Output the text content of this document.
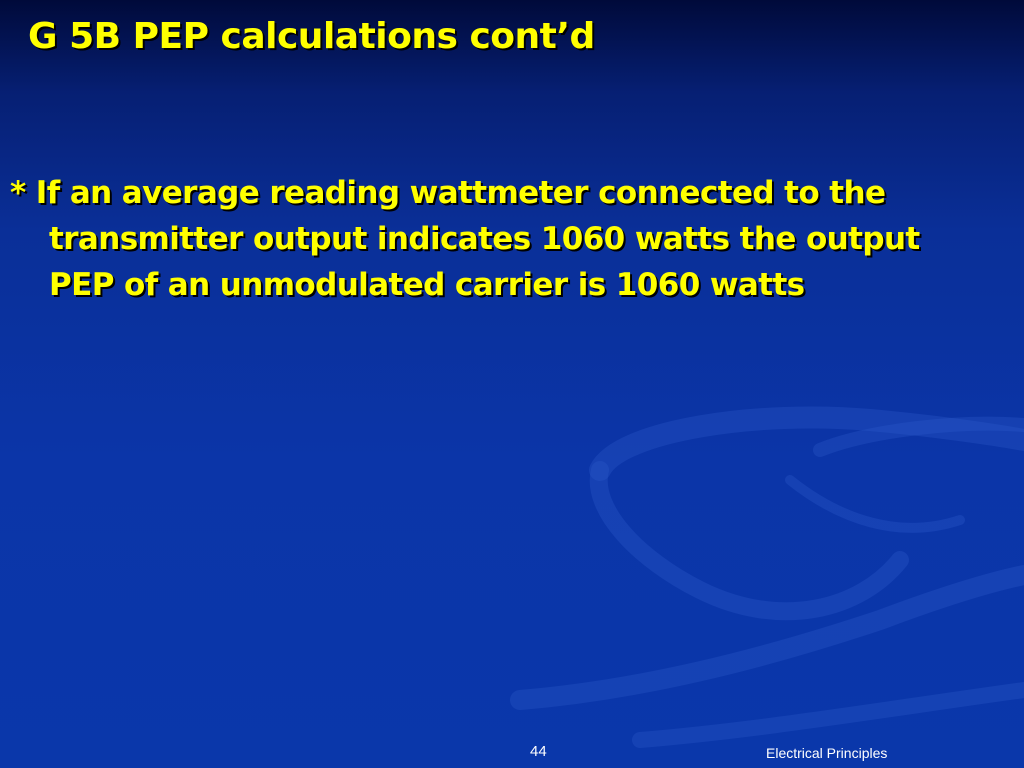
G 5B PEP calculations cont’d

* If an average reading wattmeter connected to the
transmitter output indicates 1060 watts the output
PEP of an unmodulated carrier is 1060 watts

44	Electrical Principles
